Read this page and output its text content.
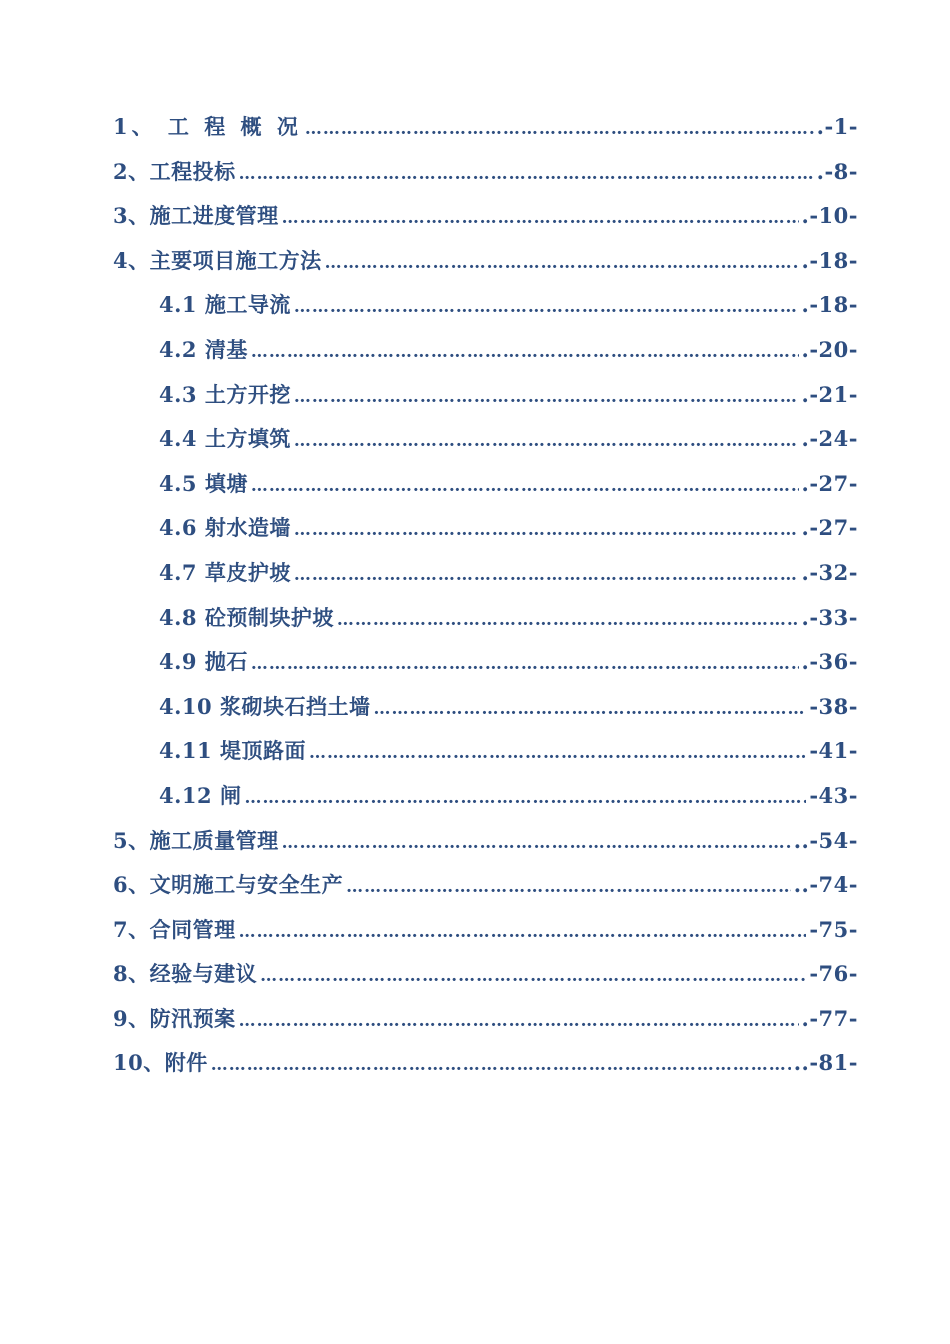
1、 工 程 概 况 ………………………………………………………………………………………………………………………………………………………………………………………	.-1-
2、工程投标 ………………………………………………………………………………………………………………………………………………………………………………………	.-8-
3、施工进度管理 ………………………………………………………………………………………………………………………………………………………………………………………	.-10-
4、主要项目施工方法 ………………………………………………………………………………………………………………………………………………………………………………………	.-18-
4.1 施工导流 ………………………………………………………………………………………………………………………………………………………………………………………	.-18-
4.2 清基 ………………………………………………………………………………………………………………………………………………………………………………………	.-20-
4.3 土方开挖 ………………………………………………………………………………………………………………………………………………………………………………………	.-21-
4.4 土方填筑 ………………………………………………………………………………………………………………………………………………………………………………………	.-24-
4.5 填塘 ………………………………………………………………………………………………………………………………………………………………………………………	.-27-
4.6 射水造墙 ………………………………………………………………………………………………………………………………………………………………………………………	.-27-
4.7 草皮护坡 ………………………………………………………………………………………………………………………………………………………………………………………	.-32-
4.8 砼预制块护坡 ………………………………………………………………………………………………………………………………………………………………………………………	.-33-
4.9 抛石 ………………………………………………………………………………………………………………………………………………………………………………………	.-36-
4.10 浆砌块石挡土墙 ………………………………………………………………………………………………………………………………………………………………………………………	-38-
4.11 堤顶路面 ………………………………………………………………………………………………………………………………………………………………………………………	-41-
4.12 闸 ………………………………………………………………………………………………………………………………………………………………………………………	-43-
5、施工质量管理 ………………………………………………………………………………………………………………………………………………………………………………………	..-54-
6、文明施工与安全生产 ………………………………………………………………………………………………………………………………………………………………………………………	..-74-
7、合同管理 ………………………………………………………………………………………………………………………………………………………………………………………	-75-
8、经验与建议 ………………………………………………………………………………………………………………………………………………………………………………………	-76-
9、防汛预案 ………………………………………………………………………………………………………………………………………………………………………………………	.-77-
10、附件 ………………………………………………………………………………………………………………………………………………………………………………………	..-81-
